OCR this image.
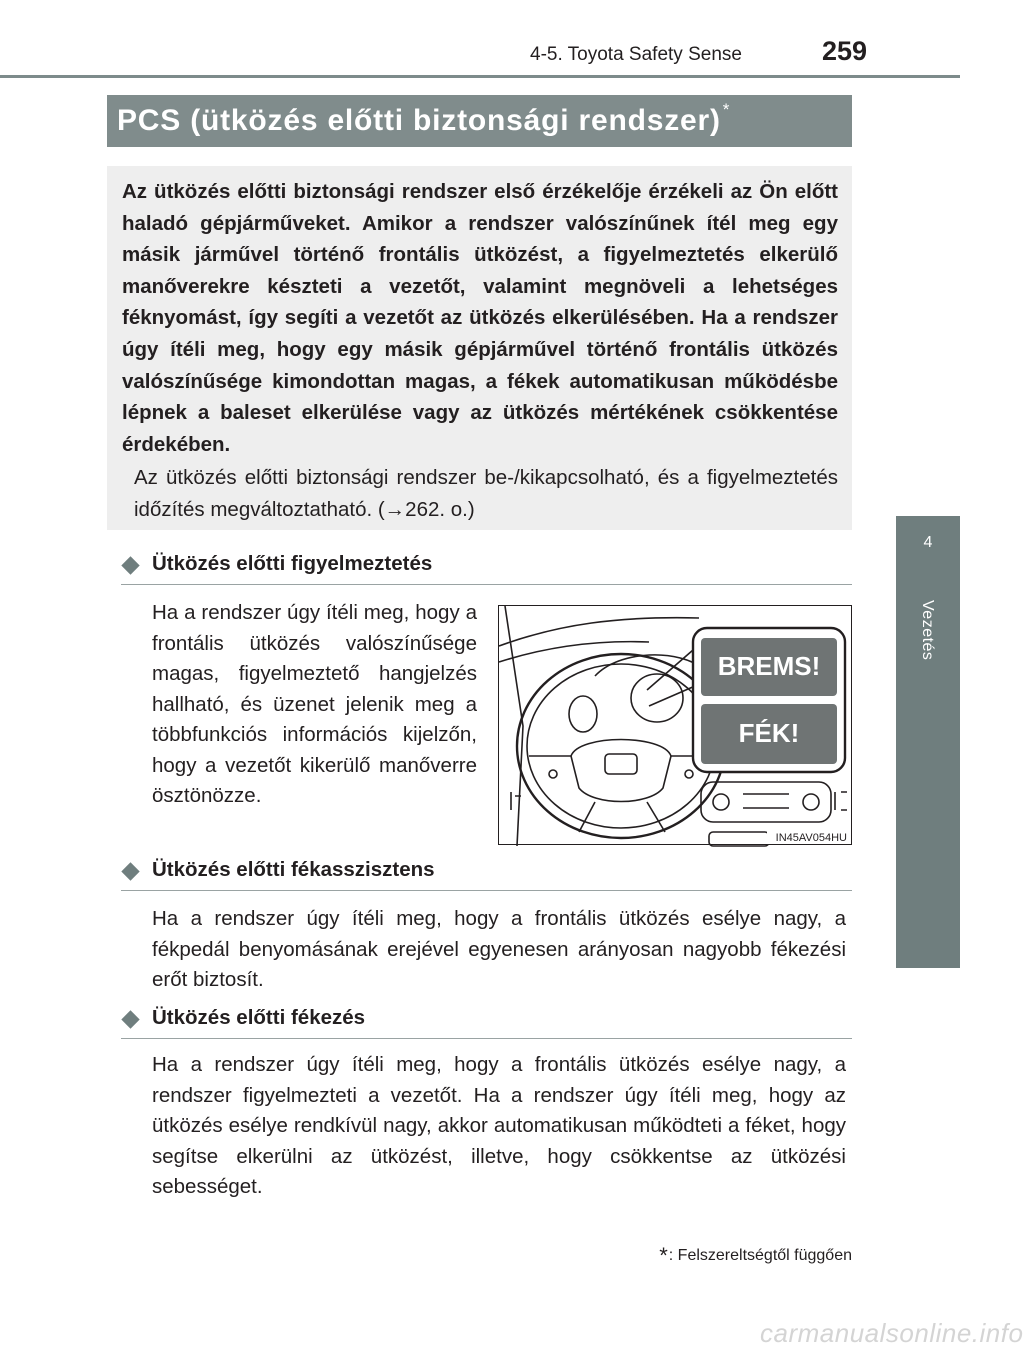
4-5. Toyota Safety Sense	259
4
Vezetés
PCS (ütközés előtti biztonsági rendszer) *
Az ütközés előtti biztonsági rendszer első érzékelője érzékeli az Ön előtt haladó gépjárműveket. Amikor a rendszer valószínűnek ítél meg egy másik járművel történő frontális ütközést, a figyelmeztetés elkerülő manőverekre készteti a vezetőt, valamint megnöveli a lehetséges féknyomást, így segíti a vezetőt az ütközés elkerülésében. Ha a rendszer úgy ítéli meg, hogy egy másik gépjárművel történő frontális ütközés valószínűsége kimondottan magas, a fékek automatikusan működésbe lépnek a baleset elkerülése vagy az ütközés mértékének csökkentése érdekében.
Az ütközés előtti biztonsági rendszer be-/kikapcsolható, és a figyelmeztetés időzítés megváltoztatható. (→262. o.)
Ütközés előtti figyelmeztetés
Ha a rendszer úgy ítéli meg, hogy a frontális ütközés valószínűsége magas, figyelmeztető hangjelzés hallható, és üzenet jelenik meg a többfunkciós információs kijelzőn, hogy a vezetőt kikerülő manőverre ösztönözze.
BREMS!
FÉK!
IN45AV054HU
Ütközés előtti fékasszisztens
Ha a rendszer úgy ítéli meg, hogy a frontális ütközés esélye nagy, a fékpedál benyomásának erejével egyenesen arányosan nagyobb fékezési erőt biztosít.
Ütközés előtti fékezés
Ha a rendszer úgy ítéli meg, hogy a frontális ütközés esélye nagy, a rendszer figyelmezteti a vezetőt. Ha a rendszer úgy ítéli meg, hogy az ütközés esélye rendkívül nagy, akkor automatikusan működteti a féket, hogy segítse elkerülni az ütközést, illetve, hogy csökkentse az ütközési sebességet.
*: Felszereltségtől függően
carmanualsonline.info
